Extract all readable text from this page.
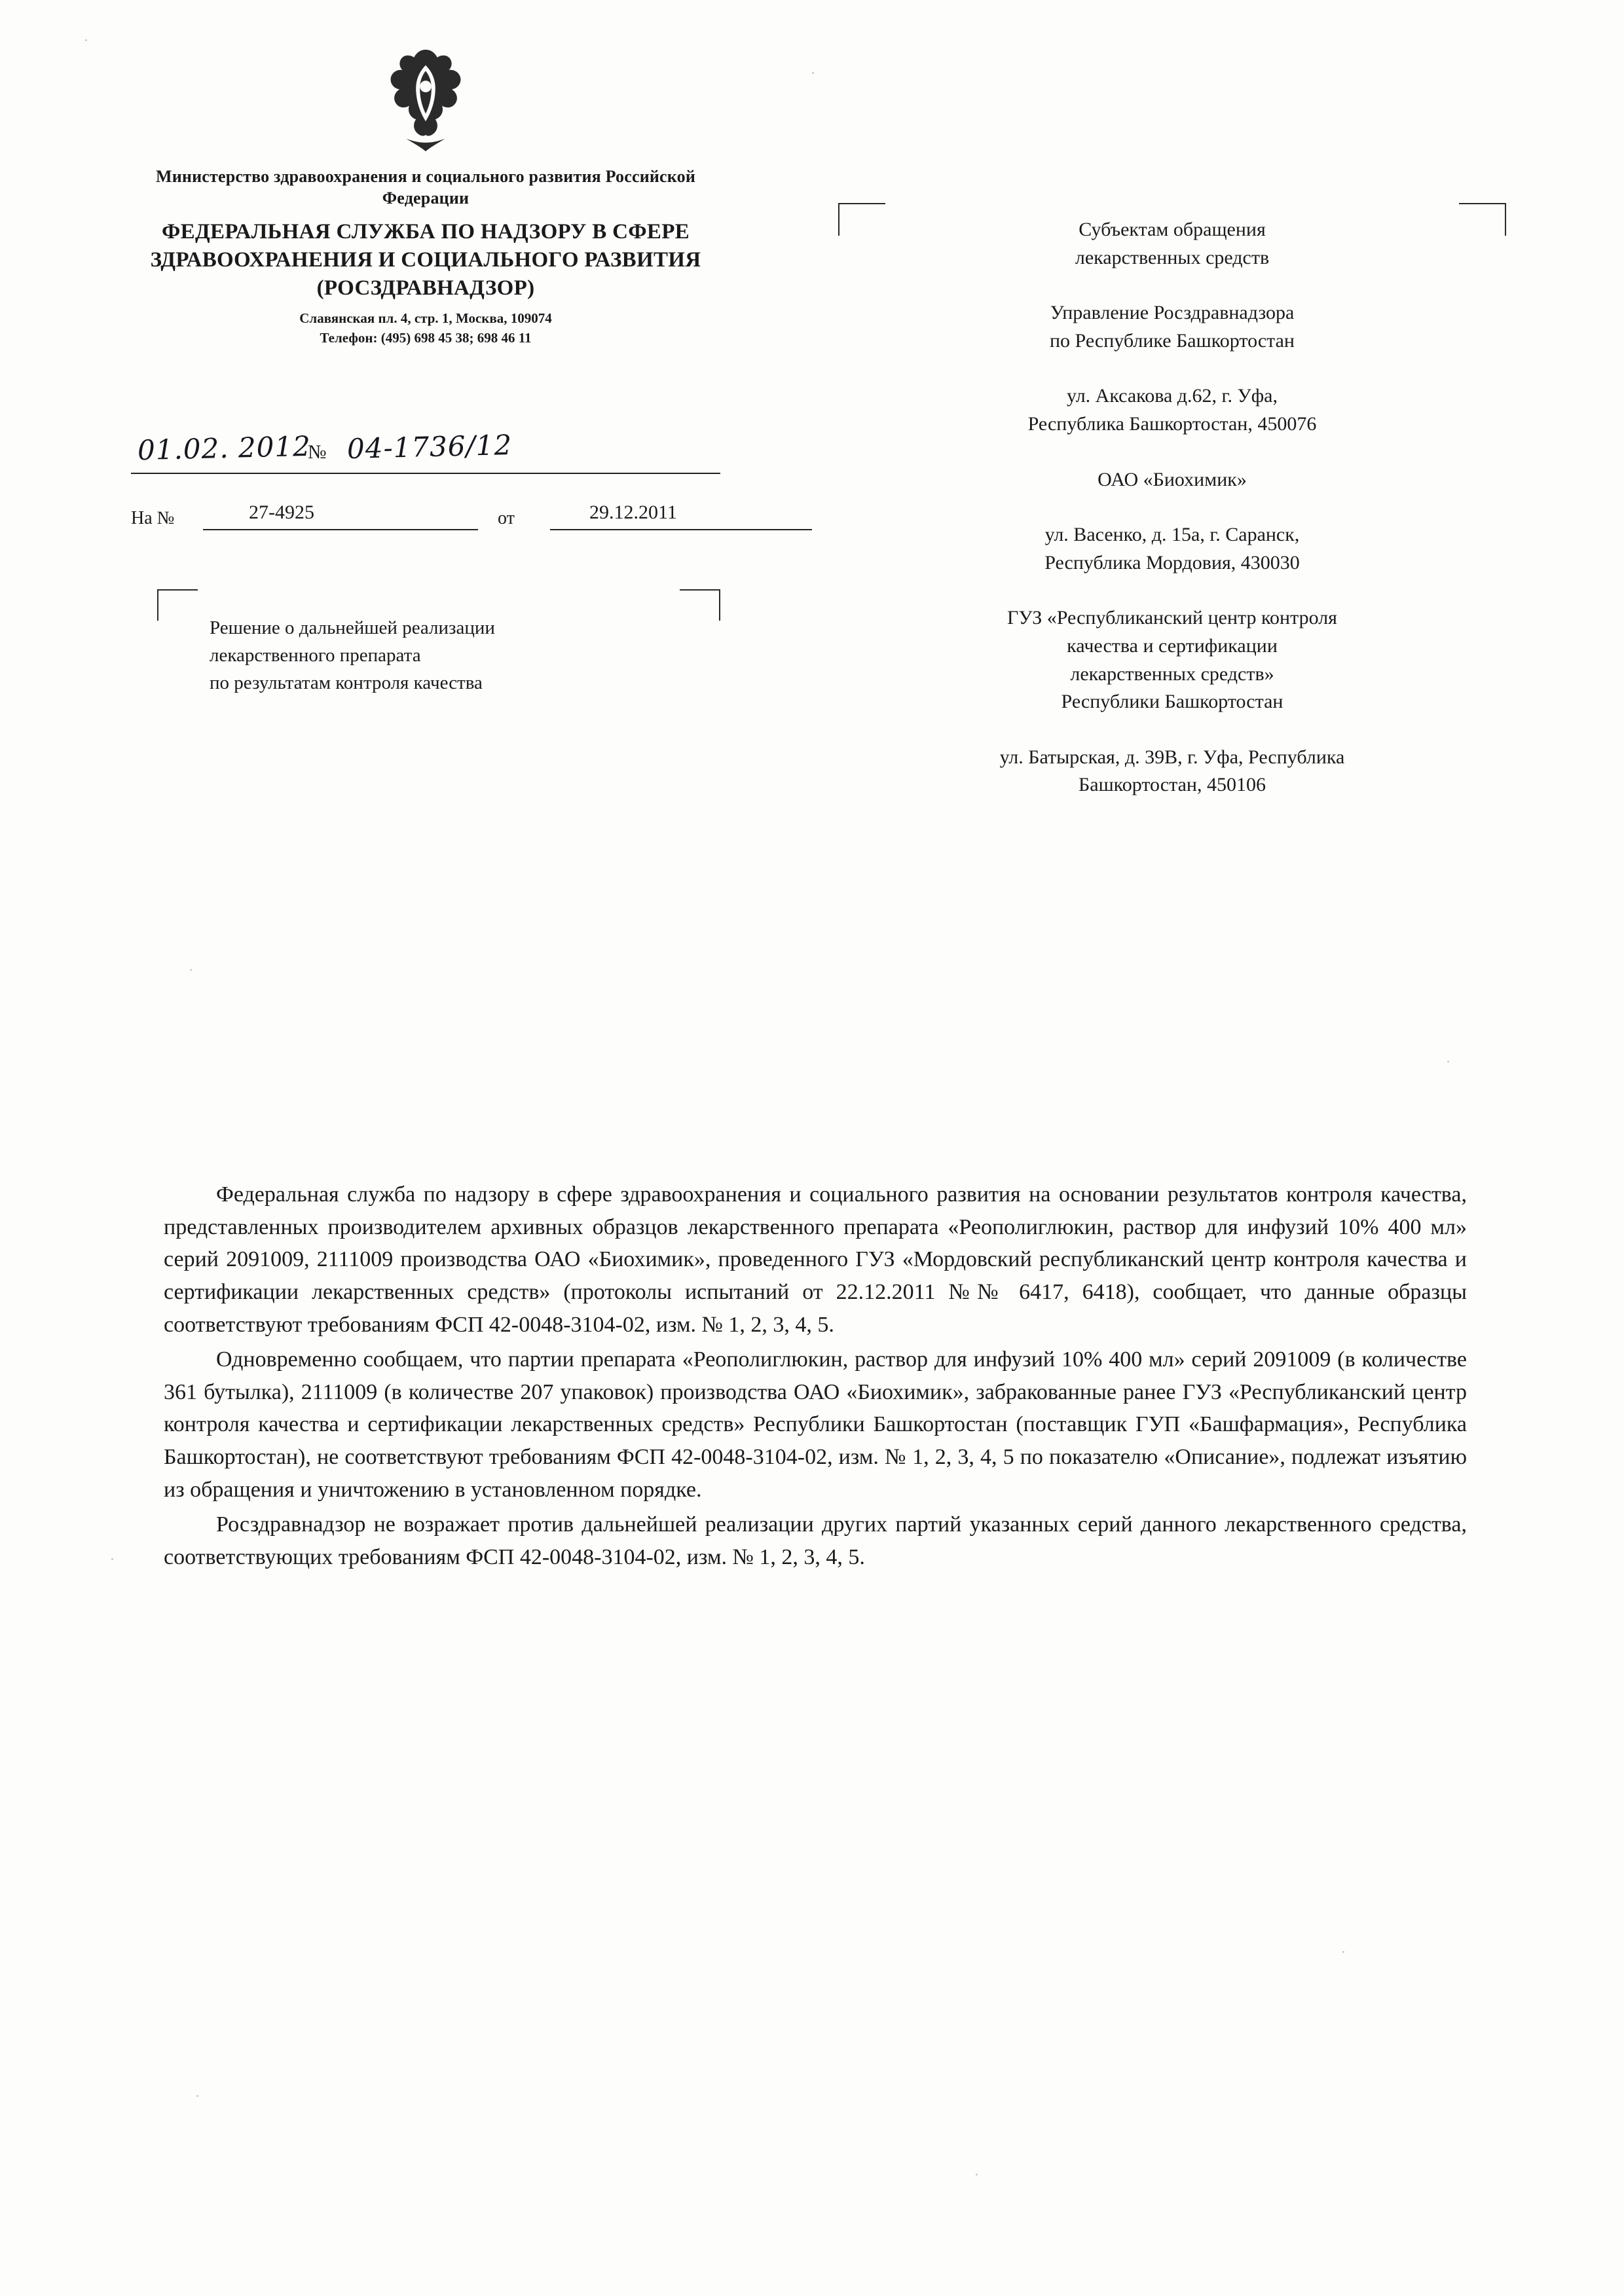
Министерство здравоохранения и социального развития Российской Федерации
ФЕДЕРАЛЬНАЯ СЛУЖБА ПО НАДЗОРУ В СФЕРЕ ЗДРАВООХРАНЕНИЯ И СОЦИАЛЬНОГО РАЗВИТИЯ (РОСЗДРАВНАДЗОР)
Славянская пл. 4, стр. 1, Москва, 109074
Телефон: (495) 698 45 38; 698 46 11
01.02. 2012
№ 04-1736/12
На №	27-4925	от	29.12.2011
Решение о дальнейшей реализации
лекарственного препарата
по результатам контроля качества
Субъектам обращения
лекарственных средств
Управление Росздравнадзора
по Республике Башкортостан
ул. Аксакова д.62, г. Уфа,
Республика Башкортостан, 450076
ОАО «Биохимик»
ул. Васенко, д. 15а, г. Саранск,
Республика Мордовия, 430030
ГУЗ «Республиканский центр контроля
качества и сертификации
лекарственных средств»
Республики Башкортостан
ул. Батырская, д. 39В, г. Уфа, Республика
Башкортостан, 450106

Федеральная служба по надзору в сфере здравоохранения и социального развития на основании результатов контроля качества, представленных производителем архивных образцов лекарственного препарата «Реополиглюкин, раствор для инфузий 10% 400 мл» серий 2091009, 2111009 производства ОАО «Биохимик», проведенного ГУЗ «Мордовский республиканский центр контроля качества и сертификации лекарственных средств» (протоколы испытаний от 22.12.2011 №№ 6417, 6418), сообщает, что данные образцы соответствуют требованиям ФСП 42-0048-3104-02, изм. № 1, 2, 3, 4, 5.

Одновременно сообщаем, что партии препарата «Реополиглюкин, раствор для инфузий 10% 400 мл» серий 2091009 (в количестве 361 бутылка), 2111009 (в количестве 207 упаковок) производства ОАО «Биохимик», забракованные ранее ГУЗ «Республиканский центр контроля качества и сертификации лекарственных средств» Республики Башкортостан (поставщик ГУП «Башфармация», Республика Башкортостан), не соответствуют требованиям ФСП 42-0048-3104-02, изм. № 1, 2, 3, 4, 5 по показателю «Описание», подлежат изъятию из обращения и уничтожению в установленном порядке.

Росздравнадзор не возражает против дальнейшей реализации других партий указанных серий данного лекарственного средства, соответствующих требованиям ФСП 42-0048-3104-02, изм. № 1, 2, 3, 4, 5.
